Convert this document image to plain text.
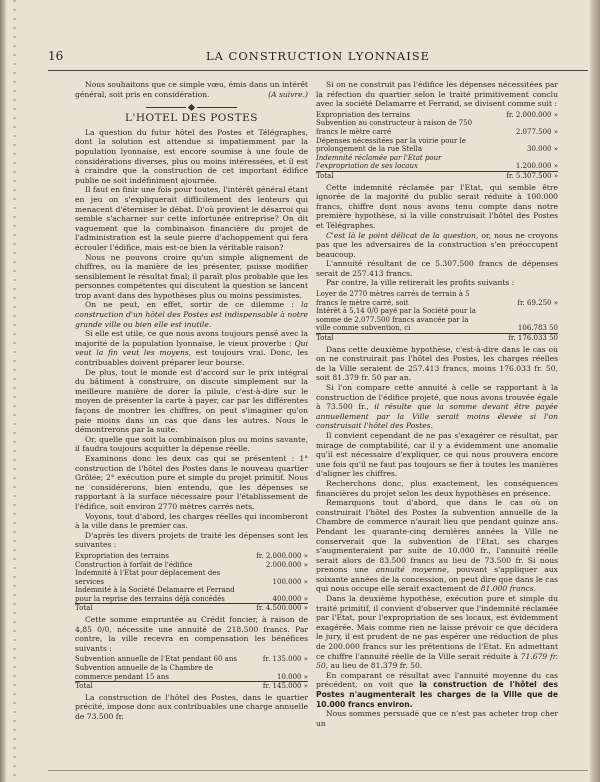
16	LA CONSTRUCTION LYONNAISE

Nous souhaitons que ce simple vœu, émis dans un intérêt général, soit pris en considération.	(A suivre.)

L'HOTEL DES POSTES

La question du futur hôtel des Postes et Télégraphes, dont la solution est attendue si impatiemment par la population lyonnaise, est encore soumise à une foule de considérations diverses, plus ou moins intéressées, et il est à craindre que la construction de cet important édifice publie ne soit indéfiniment ajournée.

Il faut en finir une fois pour toutes, l'intérêt général étant en jeu on s'expliquerait difficilement des lenteurs qui menacent d'éterniser le débat. D'où provient le désarroi qui semble s'acharner sur cette infortunée entreprise? On dit vaguement que la combinaison financière du projet de l'administration est la seule pierre d'achoppement qui fera écrouler l'édifice, mais est-ce bien la véritable raison?

Nous ne pouvons croire qu'un simple alignement de chiffres, ou la manière de les présenter, puisse modifier sensiblement le résultat final; il paraît plus probable que les personnes compétentes qui discutent la question se lancent trop avant dans des hypothèses plus ou moins pessimistes.

On ne peut, en effet, sortir de ce dilemme : la construction d'un hôtel des Postes est indispensable à notre grande ville ou bien elle est inutile.

Si elle est utile, ce que nous avons toujours pensé avec la majorité de la population lyonnaise, le vieux proverbe : Qui veut la fin veut les moyens, est toujours vrai. Donc, les contribuables doivent préparer leur bourse.

De plus, tout le monde est d'accord sur le prix intégral du bâtiment à construire, on discute simplement sur la meilleure manière de dorer la pilule, c'est-à-dire sur le moyen de présenter la carte à payer, car par les différentes façons de montrer les chiffres, on peut s'imaginer qu'on paie moins dans un cas que dans les autres. Nous le démontrerons par la suite.

Or, quelle que soit la combinaison plus ou moins savante, il faudra toujours acquitter la dépense réelle.

Examinons donc les deux cas qui se présentent : 1° construction de l'hôtel des Postes dans le nouveau quartier Grôlée; 2° exécution pure et simple du projet primitif. Nous ne considérerons, bien entendu, que les dépenses se rapportant à la surface nécessaire pour l'établissement de l'édifice, soit environ 2770 mètres carrés nets.

Voyons, tout d'abord, les charges réelles qui incomberont à la ville dans le premier cas.

D'après les divers projets de traité les dépenses sont les suivantes :

Expropriation des terrains	fr. 2.000.000 »
Construction à forfait de l'édifice	2.000.000 »
Indemnité à l'Etat pour déplacement des services	100.000 »
Indemnité à la Société Delamarre et Ferrand pour la reprise des terrains déjà concédés	400.000 »
Total	fr. 4.500.000 »

Cette somme empruntée au Crédit foncier, à raison de 4,85 0/0, nécessite une annuité de 218.500 francs. Par contre, la ville recevra en compensation les bénéfices suivants :

Subvention annuelle de l'Etat pendant 60 ans	fr. 135.000 »
Subvention annuelle de la Chambre de commerce pendant 15 ans	10.000 »
Total	fr. 145.000 »

La construction de l'hôtel des Postes, dans le quartier précité, impose donc aux contribuables une charge annuelle de 73.500 fr.

Si on ne construit pas l'édifice les dépenses nécessitées par la réfection du quartier selon le traité primitivement conclu avec la société Delamarre et Ferrand, se divisent comme suit :

Expropriation des terrains	fr. 2.000.000 »
Subvention au constructeur à raison de 750 francs le mètre carré	2.077.500 »
Dépenses nécessitées par la voirie pour le prolongement de la rue Stella	30.000 »
Indemnité réclamée par l'Etat pour l'expropriation de ses locaux	1.200.000 »
Total	fr. 5.307.500 »

Cette indemnité réclamée par l'Etat, qui semble être ignorée de la majorité du public serait réduite à 100.000 francs, chiffre dont nous avons tenu compte dans notre première hypothèse, si la ville construisait l'hôtel des Postes et Télégraphes.

C'est là le point délicat de la question, or, nous ne croyons pas que les adversaires de la construction s'en préoccupent beaucoup.

L'annuité résultant de ce 5.307.500 francs de dépenses serait de 257.413 francs.

Par contre, la ville retirerait les profits suivants :

Loyer de 2770 mètres carrés de terrain à 5 francs le mètre carré, soit	fr. 69.250 »
Intérêt à 5,14 0/0 payé par la Société pour la somme de 2.077.500 francs avancée par la ville comme subvention, ci	106.783 50
Total	fr. 176.033 50

Dans cette deuxième hypothèse, c'est-à-dire dans le cas où on ne construirait pas l'hôtel des Postes, les charges réelles de la Ville seraient de 257.413 francs, moins 176.033 fr. 50, soit 81.379 fr. 50 par an.

Si l'on compare cette annuité à celle se rapportant à la construction de l'édifice projeté, que nous avons trouvée égale à 73.500 fr., il résulte que la somme devant être payée annuellement par la Ville serait moins élevée si l'on construisait l'hôtel des Postes.

Il convient cependant de ne pas s'exagérer ce résultat, par mirage de comptabilité, car il y a évidemment une anomalie qu'il est nécessaire d'expliquer, ce qui nous prouvera encore une fois qu'il ne faut pas toujours se fier à toutes les manières d'aligner les chiffres.

Recherchons donc, plus exactement, les conséquences financières du projet selon les deux hypothèses en présence.

Remarquons tout d'abord, que dans le cas où on construirait l'hôtel des Postes la subvention annuelle de la Chambre de commerce n'aurait lieu que pendant quinze ans. Pendant les quarante-cinq dernières années la Ville ne conserverait que la subvention de l'Etat, ses charges s'augmenteraient par suite de 10.000 fr., l'annuité réelle serait alors de 83.500 francs au lieu de 73.500 fr. Si nous prenons une annuité moyenne, pouvant s'appliquer aux soixante années de la concession, on peut dire que dans le cas qui nous occupe elle serait exactement de 81.000 francs.

Dans la deuxième hypothèse, exécution pure et simple du traité primitif, il convient d'observer que l'indemnité réclamée par l'Etat, pour l'expropriation de ses locaux, est évidemment exagérée. Mais comme rien ne laisse prévoir ce que décidera le jury, il est prudent de ne pas espérer une réduction de plus de 200.000 francs sur les prétentions de l'Etat. En admettant ce chiffre l'annuité réelle de la Ville serait réduite à 71.679 fr. 50, au lieu de 81.379 fr. 50.

En comparant ce résultat avec l'annuité moyenne du cas précédent, on voit que la construction de l'hôtel des Postes n'augmenterait les charges de la Ville que de 10.000 francs environ.

Nous sommes persuadé que ce n'est pas acheter trop cher un
